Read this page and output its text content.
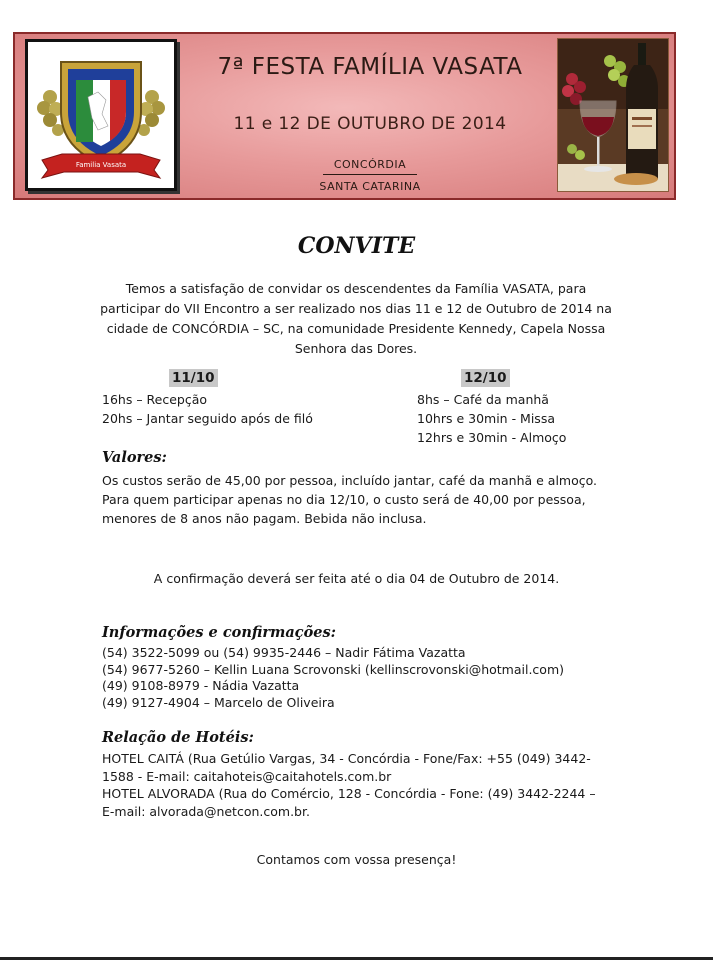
Familia Vasata
7ª FESTA FAMÍLIA VASATA
11 e 12 DE OUTUBRO DE 2014
CONCÓRDIA
SANTA CATARINA
CONVITE
Temos a satisfação de convidar os descendentes da Família VASATA, para participar do VII Encontro a ser realizado nos dias 11 e 12 de Outubro de 2014 na cidade de CONCÓRDIA – SC, na comunidade Presidente Kennedy, Capela Nossa Senhora das Dores.
11/10
16hs – Recepção
20hs – Jantar seguido após de filó
12/10
8hs – Café da manhã
10hrs e 30min - Missa
12hrs e 30min - Almoço
Valores:
Os custos serão de 45,00 por pessoa, incluído jantar, café da manhã e almoço. Para quem participar apenas no dia 12/10, o custo será de 40,00 por pessoa, menores de 8 anos não pagam. Bebida não inclusa.
A confirmação deverá ser feita até o dia 04 de Outubro de 2014.
Informações e confirmações:
(54) 3522-5099 ou (54) 9935-2446 – Nadir Fátima Vazatta
(54) 9677-5260 – Kellin Luana Scrovonski (kellinscrovonski@hotmail.com)
(49) 9108-8979 - Nádia Vazatta
(49) 9127-4904 – Marcelo de Oliveira
Relação de Hotéis:

HOTEL CAITÁ (Rua Getúlio Vargas, 34 - Concórdia - Fone/Fax: +55 (049) 3442-1588 - E-mail: caitahoteis@caitahotels.com.br

HOTEL ALVORADA (Rua do Comércio, 128 - Concórdia - Fone: (49) 3442-2244 – E-mail: alvorada@netcon.com.br.

Contamos com vossa presença!
